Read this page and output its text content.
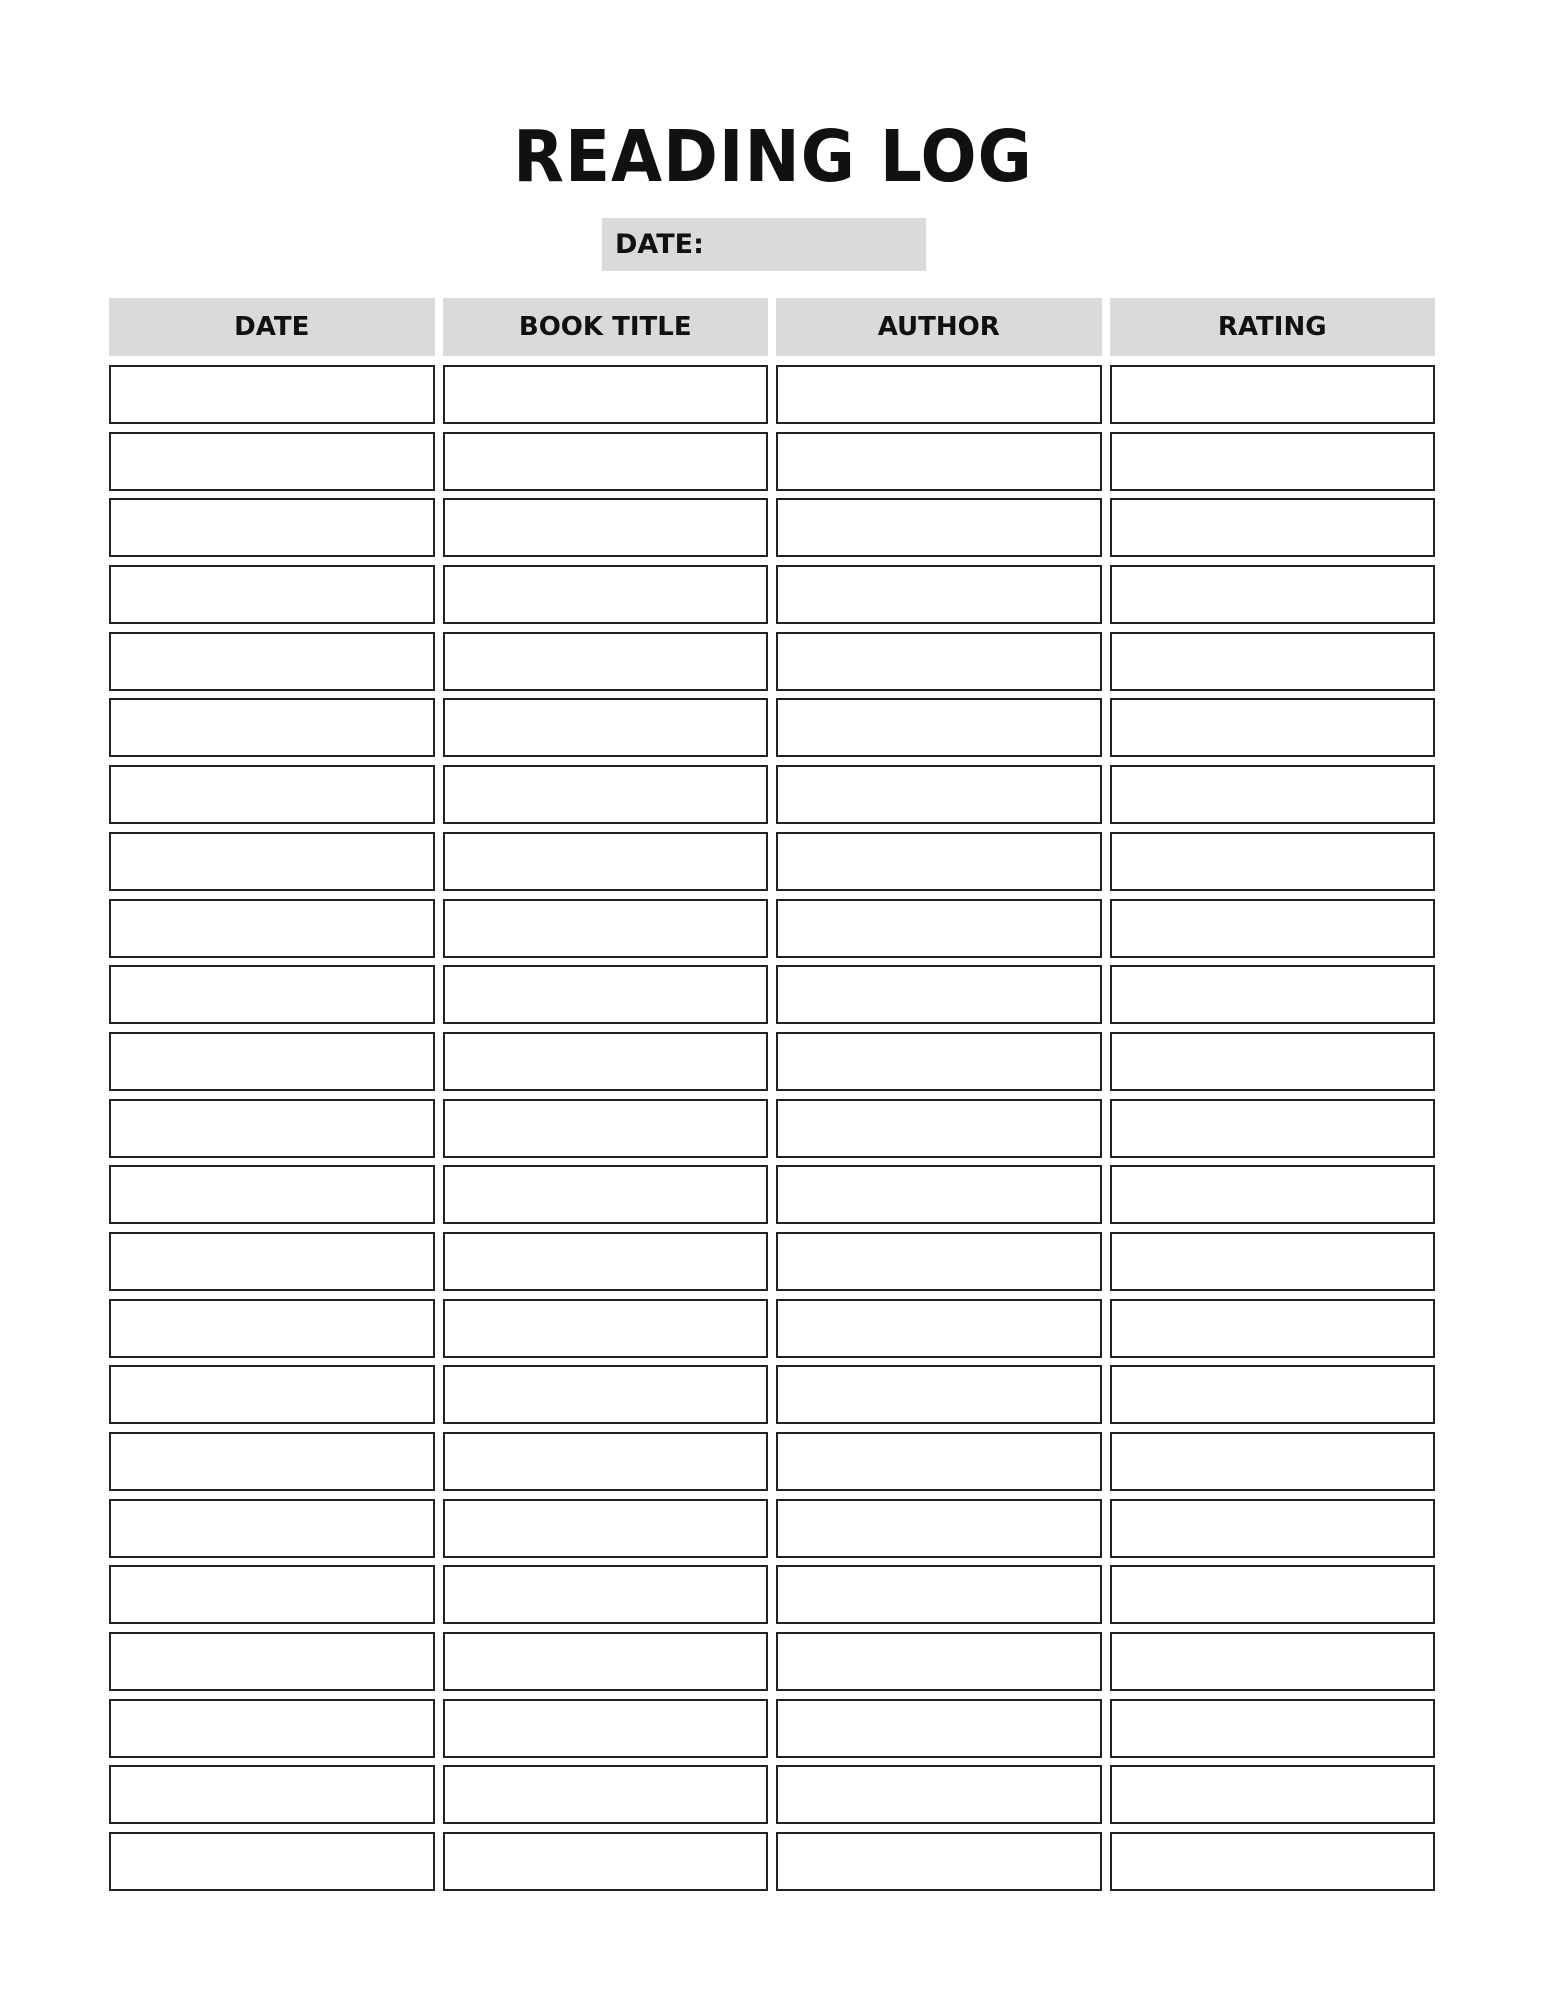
READING LOG
DATE:
DATE	BOOK TITLE	AUTHOR	RATING
